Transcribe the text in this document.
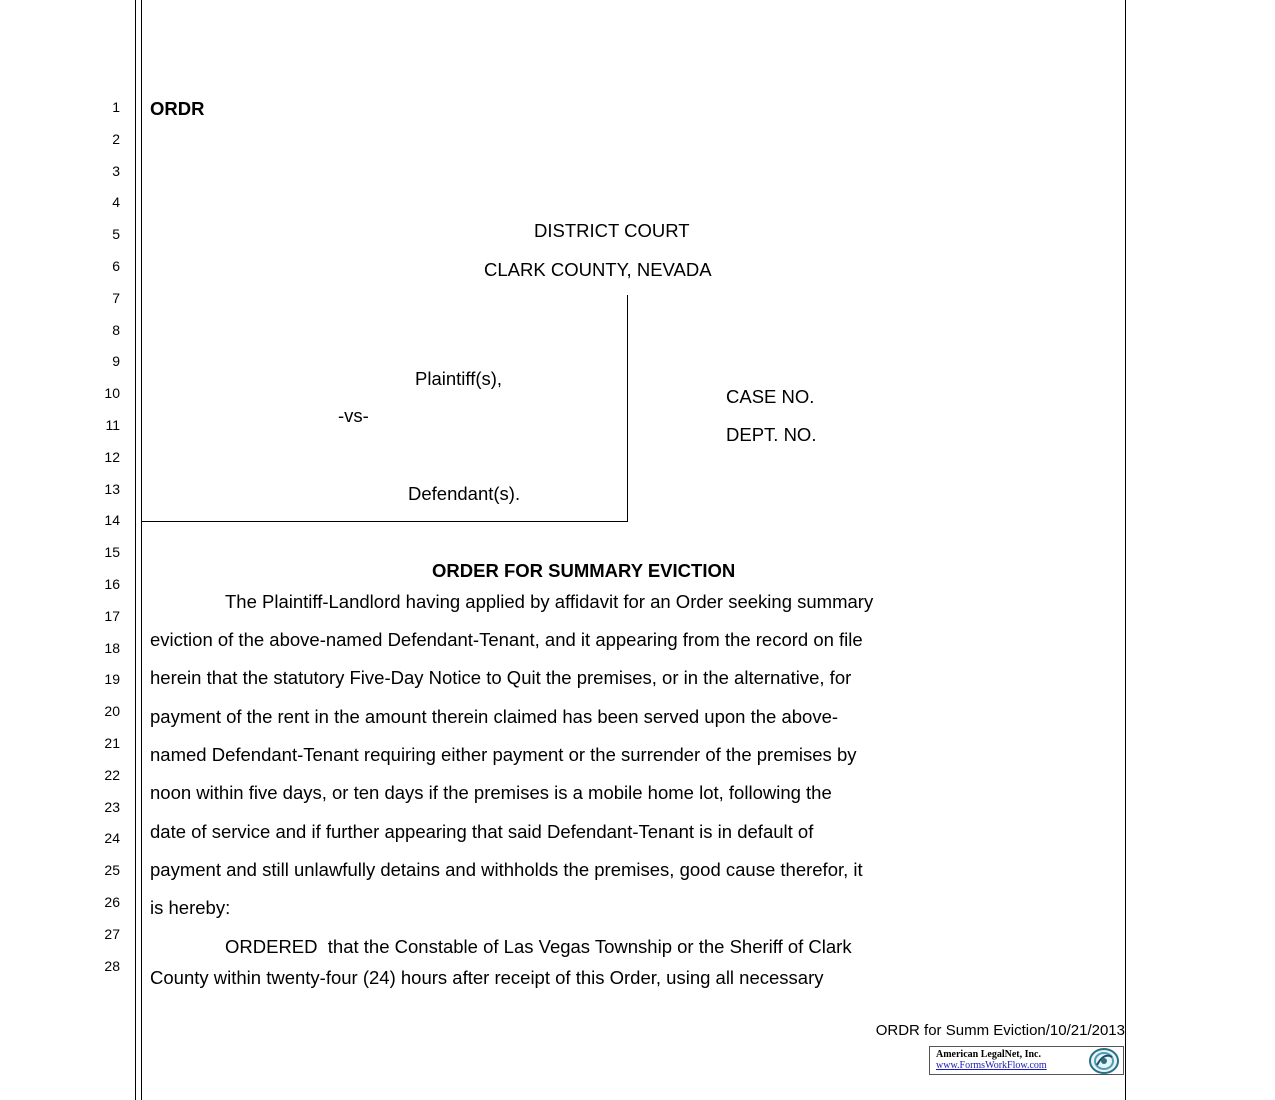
1
2
3
4
5
6
7
8
9
10
11
12
13
14
15
16
17
18
19
20
21
22
23
24
25
26
27
28
ORDR
DISTRICT COURT
CLARK COUNTY, NEVADA
Plaintiff(s),
-vs-
Defendant(s).
CASE NO.
DEPT. NO.
ORDER FOR SUMMARY EVICTION
The Plaintiff-Landlord having applied by affidavit for an Order seeking summary
eviction of the above-named Defendant-Tenant, and it appearing from the record on file
herein that the statutory Five-Day Notice to Quit the premises, or in the alternative, for
payment of the rent in the amount therein claimed has been served upon the above-
named Defendant-Tenant requiring either payment or the surrender of the premises by
noon within five days, or ten days if the premises is a mobile home lot, following the
date of service and if further appearing that said Defendant-Tenant is in default of
payment and still unlawfully detains and withholds the premises, good cause therefor, it
is hereby:
ORDERED  that the Constable of Las Vegas Township or the Sheriff of Clark
County within twenty-four (24) hours after receipt of this Order, using all necessary
ORDR for Summ Eviction/10/21/2013
American LegalNet, Inc.
www.FormsWorkFlow.com
